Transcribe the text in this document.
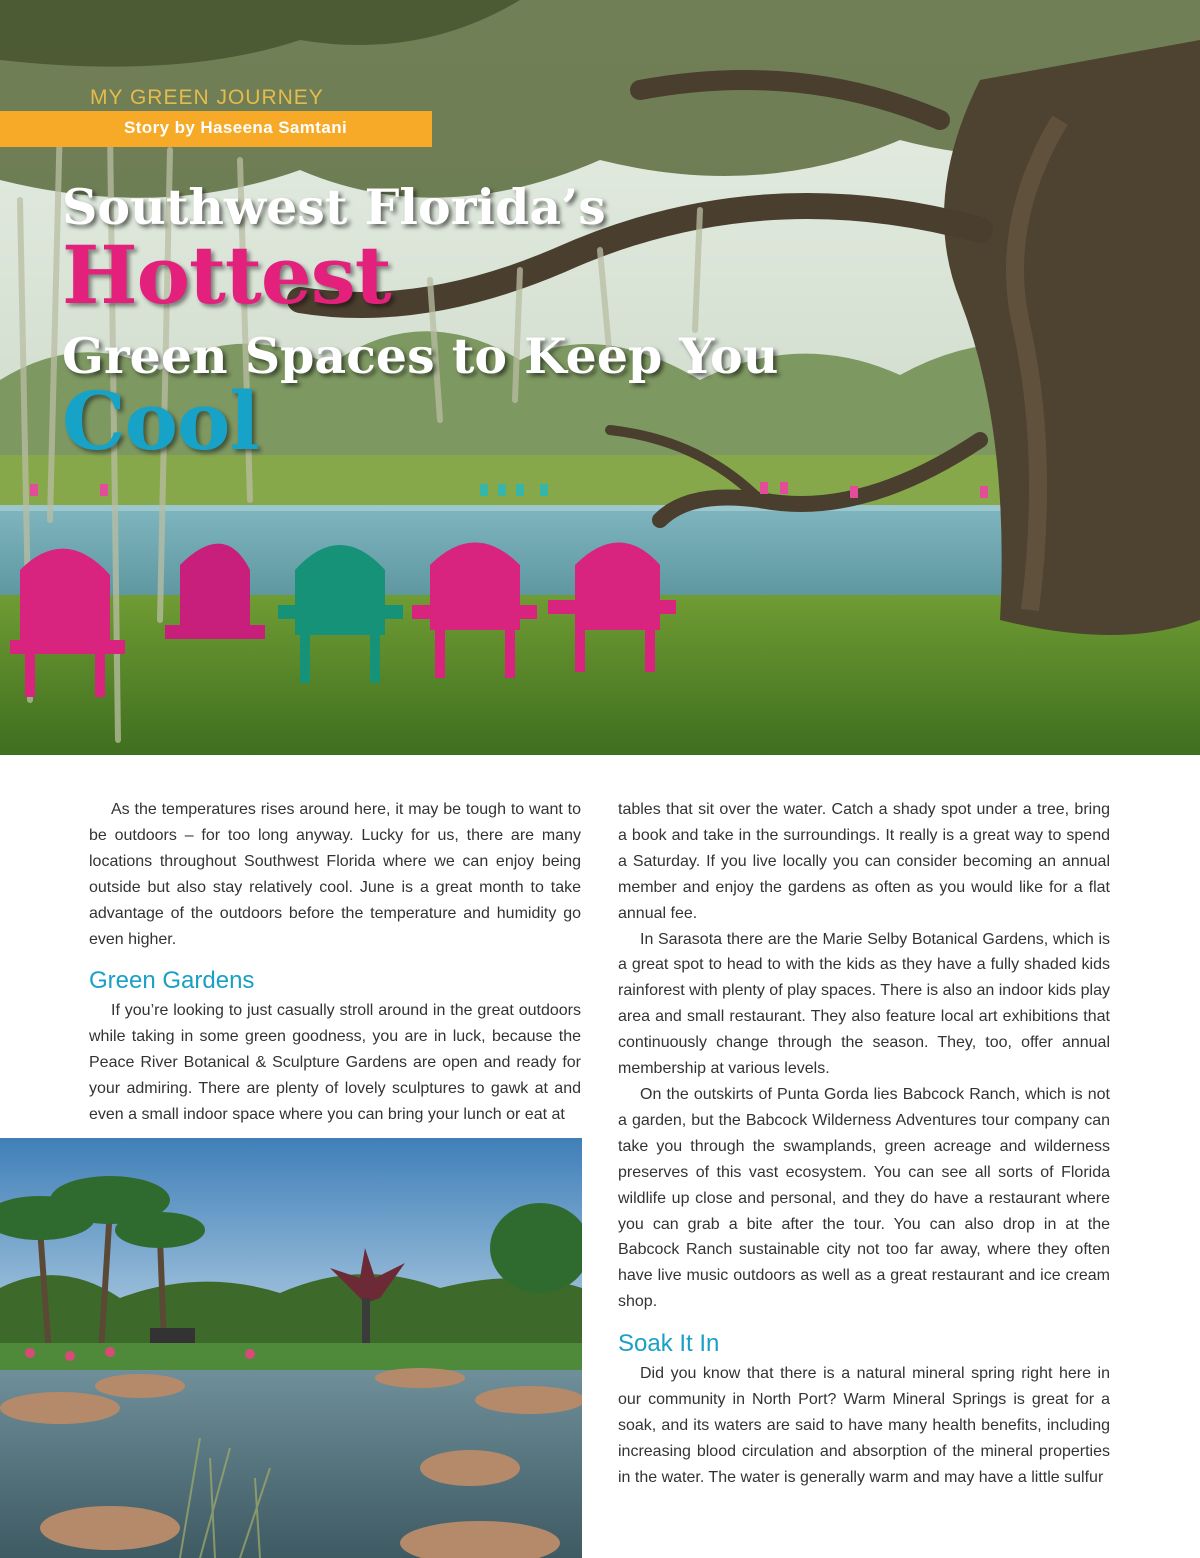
MY GREEN JOURNEY
Story by Haseena Samtani
Southwest Florida’s
Hottest
Green Spaces to Keep You
Cool

As the temperatures rises around here, it may be tough to want to be outdoors – for too long anyway. Lucky for us, there are many locations throughout Southwest Florida where we can enjoy being outside but also stay relatively cool. June is a great month to take advantage of the outdoors before the temperature and humidity go even higher.

Green Gardens

If you’re looking to just casually stroll around in the great outdoors while taking in some green goodness, you are in luck, because the Peace River Botanical & Sculpture Gardens are open and ready for your admiring. There are plenty of lovely sculptures to gawk at and even a small indoor space where you can bring your lunch or eat at

tables that sit over the water. Catch a shady spot under a tree, bring a book and take in the surroundings. It really is a great way to spend a Saturday. If you live locally you can consider becoming an annual member and enjoy the gardens as often as you would like for a flat annual fee.

In Sarasota there are the Marie Selby Botanical Gardens, which is a great spot to head to with the kids as they have a fully shaded kids rainforest with plenty of play spaces. There is also an indoor kids play area and small restaurant. They also feature local art exhibitions that continuously change through the season. They, too, offer annual membership at various levels.

On the outskirts of Punta Gorda lies Babcock Ranch, which is not a garden, but the Babcock Wilderness Adventures tour company can take you through the swamplands, green acreage and wilderness preserves of this vast ecosystem. You can see all sorts of Florida wildlife up close and personal, and they do have a restaurant where you can grab a bite after the tour. You can also drop in at the Babcock Ranch sustainable city not too far away, where they often have live music outdoors as well as a great restaurant and ice cream shop.

Soak It In

Did you know that there is a natural mineral spring right here in our community in North Port? Warm Mineral Springs is great for a soak, and its waters are said to have many health benefits, including increasing blood circulation and absorption of the mineral properties in the water. The water is generally warm and may have a little sulfur
